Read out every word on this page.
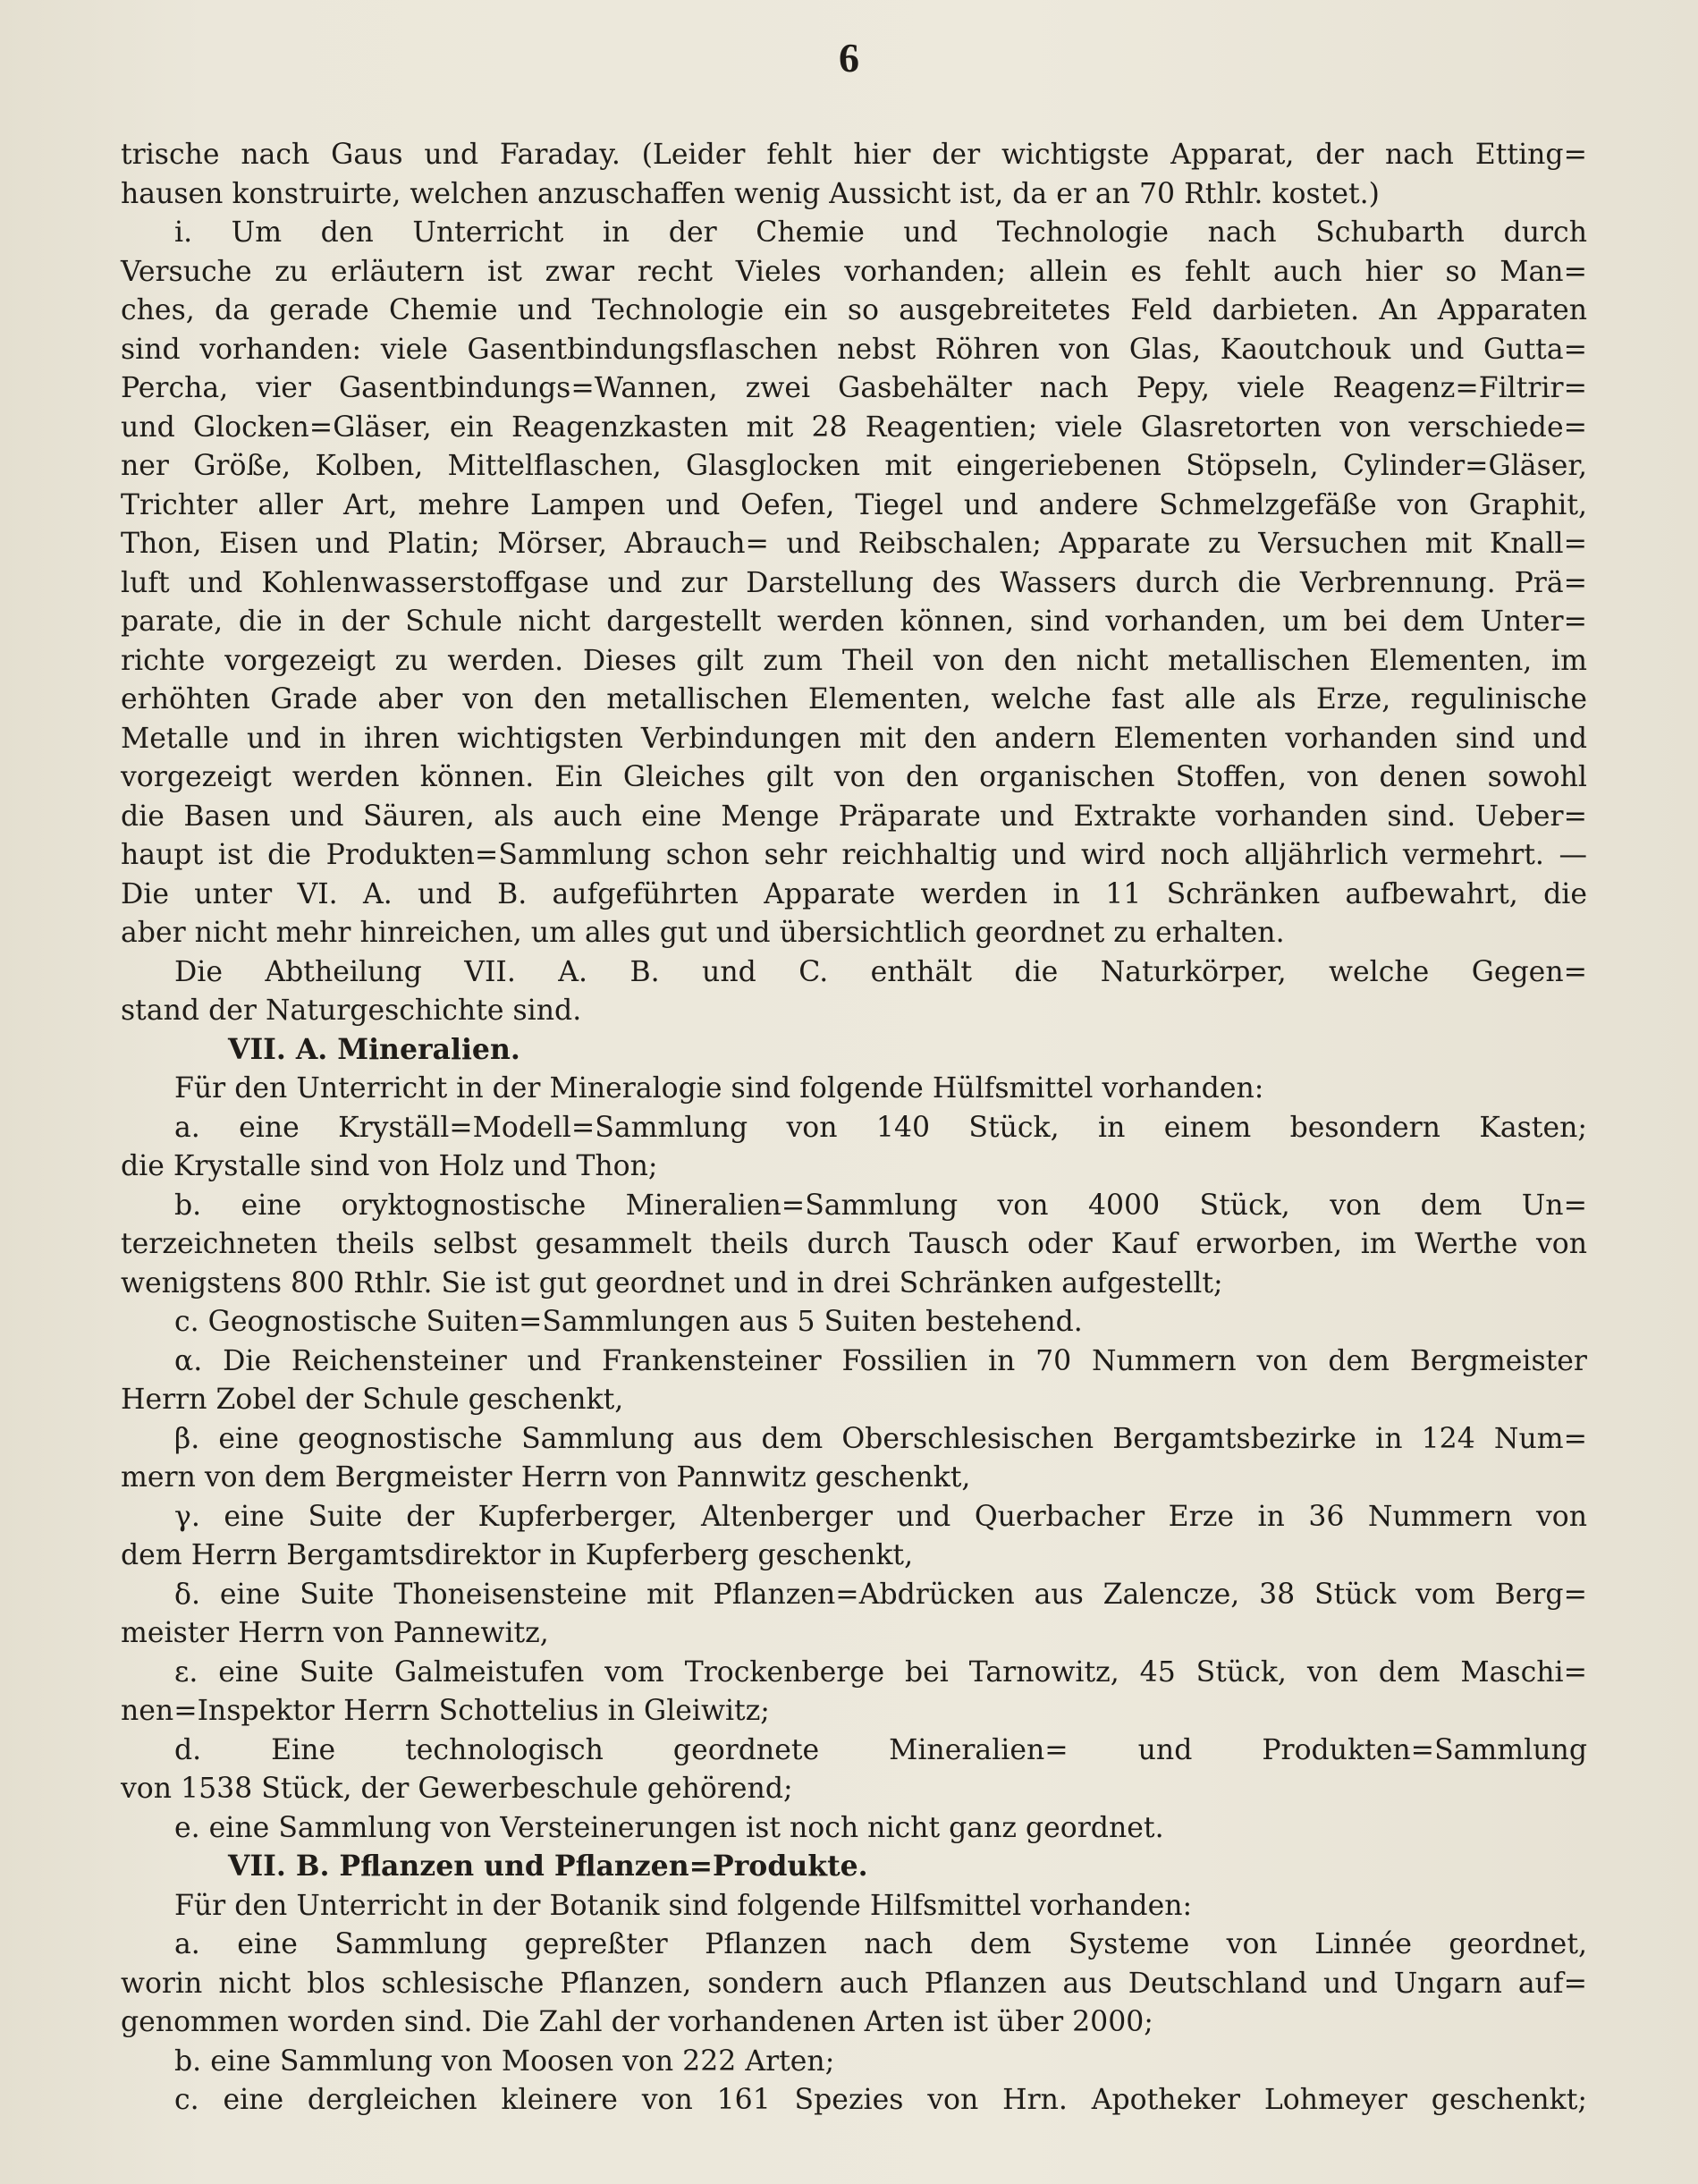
6
trische nach Gaus und Faraday. (Leider fehlt hier der wichtigste Apparat, der nach Etting=
hausen konstruirte, welchen anzuschaffen wenig Aussicht ist, da er an 70 Rthlr. kostet.)
i. Um den Unterricht in der Chemie und Technologie nach Schubarth durch
Versuche zu erläutern ist zwar recht Vieles vorhanden; allein es fehlt auch hier so Man=
ches, da gerade Chemie und Technologie ein so ausgebreitetes Feld darbieten. An Apparaten
sind vorhanden: viele Gasentbindungsflaschen nebst Röhren von Glas, Kaoutchouk und Gutta=
Percha, vier Gasentbindungs=Wannen, zwei Gasbehälter nach Pepy, viele Reagenz=Filtrir=
und Glocken=Gläser, ein Reagenzkasten mit 28 Reagentien; viele Glasretorten von verschiede=
ner Größe, Kolben, Mittelflaschen, Glasglocken mit eingeriebenen Stöpseln, Cylinder=Gläser,
Trichter aller Art, mehre Lampen und Oefen, Tiegel und andere Schmelzgefäße von Graphit,
Thon, Eisen und Platin; Mörser, Abrauch= und Reibschalen; Apparate zu Versuchen mit Knall=
luft und Kohlenwasserstoffgase und zur Darstellung des Wassers durch die Verbrennung. Prä=
parate, die in der Schule nicht dargestellt werden können, sind vorhanden, um bei dem Unter=
richte vorgezeigt zu werden. Dieses gilt zum Theil von den nicht metallischen Elementen, im
erhöhten Grade aber von den metallischen Elementen, welche fast alle als Erze, regulinische
Metalle und in ihren wichtigsten Verbindungen mit den andern Elementen vorhanden sind und
vorgezeigt werden können. Ein Gleiches gilt von den organischen Stoffen, von denen sowohl
die Basen und Säuren, als auch eine Menge Präparate und Extrakte vorhanden sind. Ueber=
haupt ist die Produkten=Sammlung schon sehr reichhaltig und wird noch alljährlich vermehrt. —
Die unter VI. A. und B. aufgeführten Apparate werden in 11 Schränken aufbewahrt, die
aber nicht mehr hinreichen, um alles gut und übersichtlich geordnet zu erhalten.
Die Abtheilung VII. A. B. und C. enthält die Naturkörper, welche Gegen=
stand der Naturgeschichte sind.
VII. A. Mineralien.
Für den Unterricht in der Mineralogie sind folgende Hülfsmittel vorhanden:
a. eine Kryställ=Modell=Sammlung von 140 Stück, in einem besondern Kasten;
die Krystalle sind von Holz und Thon;
b. eine oryktognostische Mineralien=Sammlung von 4000 Stück, von dem Un=
terzeichneten theils selbst gesammelt theils durch Tausch oder Kauf erworben, im Werthe von
wenigstens 800 Rthlr. Sie ist gut geordnet und in drei Schränken aufgestellt;
c. Geognostische Suiten=Sammlungen aus 5 Suiten bestehend.
α. Die Reichensteiner und Frankensteiner Fossilien in 70 Nummern von dem Bergmeister
Herrn Zobel der Schule geschenkt,
β. eine geognostische Sammlung aus dem Oberschlesischen Bergamtsbezirke in 124 Num=
mern von dem Bergmeister Herrn von Pannwitz geschenkt,
γ. eine Suite der Kupferberger, Altenberger und Querbacher Erze in 36 Nummern von
dem Herrn Bergamtsdirektor in Kupferberg geschenkt,
δ. eine Suite Thoneisensteine mit Pflanzen=Abdrücken aus Zalencze, 38 Stück vom Berg=
meister Herrn von Pannewitz,
ε. eine Suite Galmeistufen vom Trockenberge bei Tarnowitz, 45 Stück, von dem Maschi=
nen=Inspektor Herrn Schottelius in Gleiwitz;
d. Eine technologisch geordnete Mineralien= und Produkten=Sammlung
von 1538 Stück, der Gewerbeschule gehörend;
e. eine Sammlung von Versteinerungen ist noch nicht ganz geordnet.
VII. B. Pflanzen und Pflanzen=Produkte.
Für den Unterricht in der Botanik sind folgende Hilfsmittel vorhanden:
a. eine Sammlung gepreßter Pflanzen nach dem Systeme von Linnée geordnet,
worin nicht blos schlesische Pflanzen, sondern auch Pflanzen aus Deutschland und Ungarn auf=
genommen worden sind. Die Zahl der vorhandenen Arten ist über 2000;
b. eine Sammlung von Moosen von 222 Arten;
c. eine dergleichen kleinere von 161 Spezies von Hrn. Apotheker Lohmeyer geschenkt;
